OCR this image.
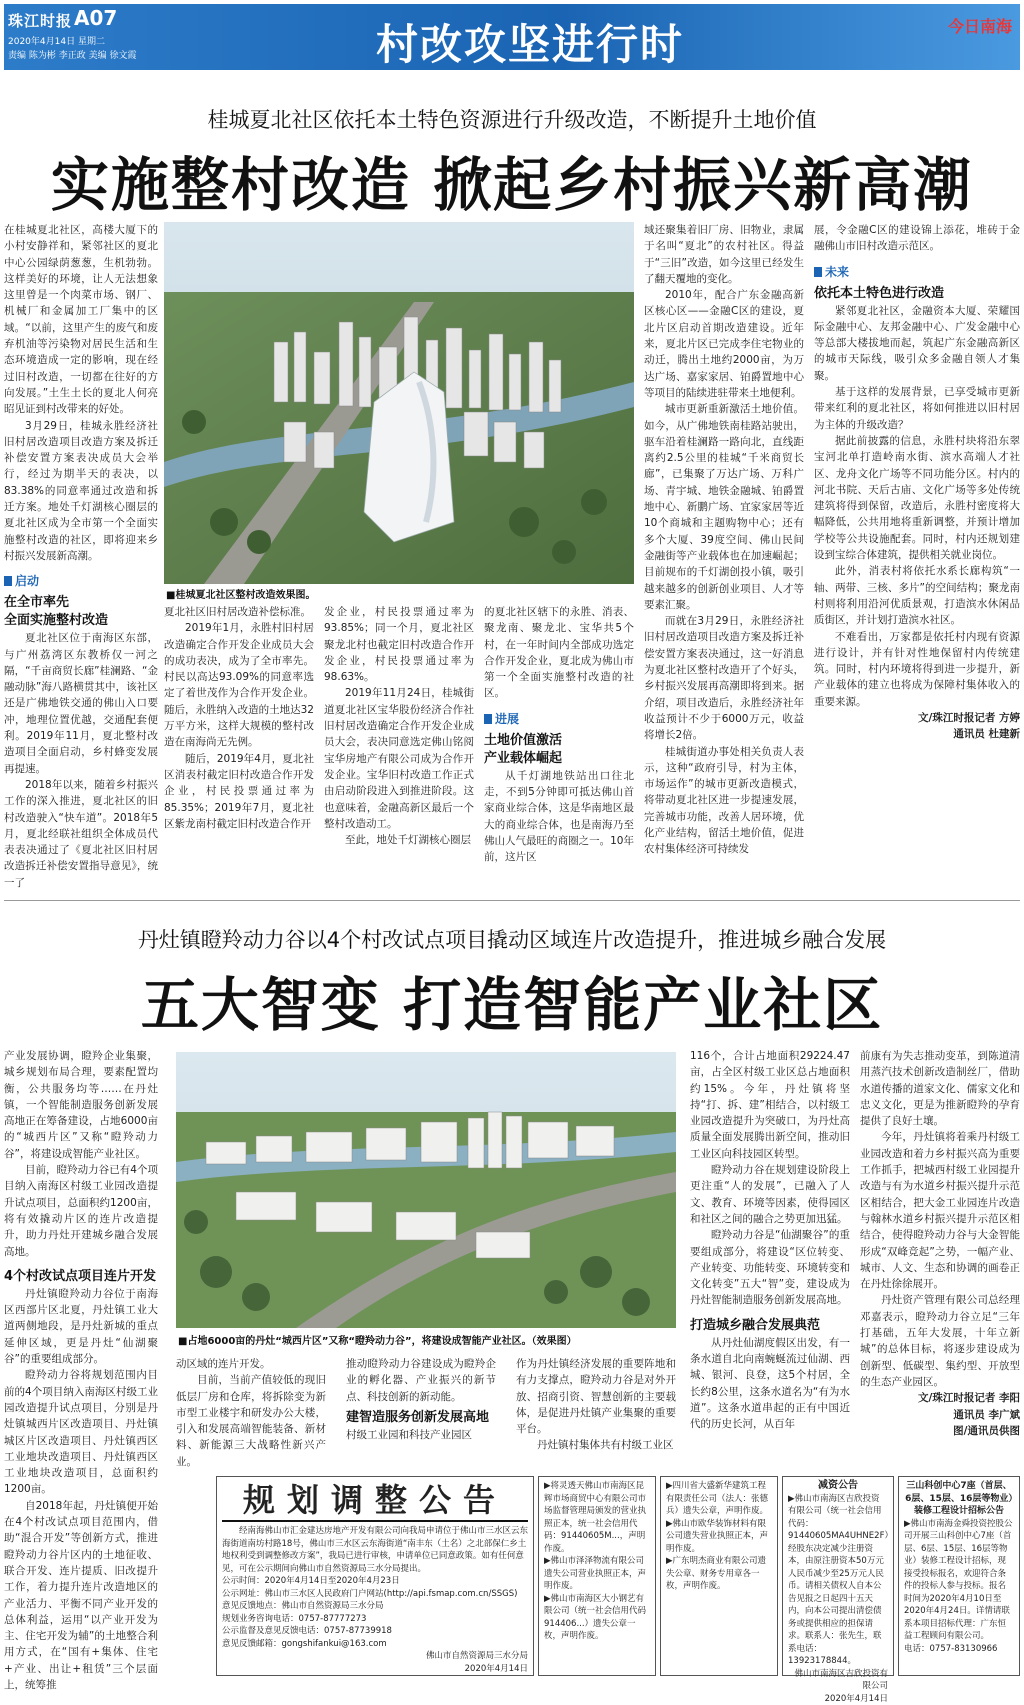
珠江时报 A07
2020年4月14日 星期二
责编 陈为彬 李正政 美编 徐文霞	村改攻坚进行时	今日南海
桂城夏北社区依托本土特色资源进行升级改造，不断提升土地价值
实施整村改造 掀起乡村振兴新高潮

在桂城夏北社区，高楼大厦下的小村安静祥和，紧邻社区的夏北中心公园绿荫葱葱，生机勃勃。这样美好的环境，让人无法想象这里曾是一个肉菜市场、钢厂、机械厂和金属加工厂集中的区域。“以前，这里产生的废气和废弃机油等污染物对居民生活和生态环境造成一定的影响，现在经过旧村改造，一切都在往好的方向发展。”土生土长的夏北人何亮昭见证到村改带来的好处。

3月29日，桂城永胜经济社旧村居改造项目改造方案及拆迁补偿安置方案表决成员大会举行，经过为期半天的表决，以83.38%的同意率通过改造和拆迁方案。地处千灯湖核心圈层的夏北社区成为全市第一个全面实施整村改造的社区，即将迎来乡村振兴发展新高潮。

启动
在全市率先
全面实施整村改造

夏北社区位于南海区东部，与广州荔湾区东教桥仅一河之隔，“千亩商贸长廊”桂澜路、“金融动脉”海八路横贯其中，该社区还是广佛地铁交通的佛山入口要冲，地理位置优越，交通配套便利。2019年11月，夏北整村改造项目全面启动，乡村蜂变发展再提速。

2018年以来，随着乡村振兴工作的深入推进，夏北社区的旧村改造驶入“快车道”。2018年5月，夏北经联社组织全体成员代表表决通过了《夏北社区旧村居改造拆迁补偿安置指导意见》，统一了

■桂城夏北社区整村改造效果图。

夏北社区旧村居改造补偿标准。

2019年1月，永胜村旧村居改造确定合作开发企业成员大会的成功表决，成为了全市率先。村民以高达93.09%的同意率选定了着世茂作为合作开发企业。随后，永胜纳入改造的土地达32万平方米，这样大规模的整村改造在南海尚无先例。

随后，2019年4月，夏北社区消表村截定旧村改造合作开发企业，村民投票通过率为85.35%；2019年7月，夏北社区紫龙南村截定旧村改造合作开

发企业，村民投票通过率为93.85%；同一个月，夏北社区聚龙北村也截定旧村改造合作开发企业，村民投票通过率为98.63%。

2019年11月24日，桂城街道夏北社区宝华股份经济合作社旧村居改造确定合作开发企业成员大会，表决同意选定佛山铭阅宝华房地产有限公司成为合作开发企业。宝华旧村改造工作正式由启动阶段进入到推进阶段。这也意味着，金融高新区最后一个整村改造动工。

至此，地处千灯湖核心圈层

的夏北社区辖下的永胜、消表、聚龙南、聚龙北、宝华共5个村，在一年时间内全部成功选定合作开发企业，夏北成为佛山市第一个全面实施整村改造的社区。

进展
土地价值激活
产业载体崛起

从千灯湖地铁站出口往北走，不到5分钟即可抵达佛山首家商业综合体，这是华南地区最大的商业综合体，也是南海乃至佛山人气最旺的商圈之一。10年前，这片区

域还聚集着旧厂房、旧物业，隶属于名叫“夏北”的农村社区。得益于“三旧”改造，如今这里已经发生了翻天覆地的变化。

2010年，配合广东金融高新区核心区——金融C区的建设，夏北片区启动首期改造建设。近年来，夏北片区已完成李住宅物业的动迁，腾出土地约2000亩，为万达广场、嘉家家居、铂爵置地中心等项目的陆续进驻带来土地便利。

城市更新重新激活土地价值。如今，从广佛地铁南桂路站驶出，驱车沿着桂澜路一路向北，直线距离约2.5公里的桂城“千米商贸长廊”，已集聚了万达广场、万科广场、青宇城、地铁金融城、铂爵置地中心、新鹏广场、宜家家居等近10个商城和主题购物中心；还有多个大厦、39度空间、佛山民间金融街等产业载体也在加速崛起；目前规布的千灯湖创投小镇，吸引越来越多的创新创业项目、人才等要素汇聚。

而就在3月29日，永胜经济社旧村居改造项目改造方案及拆迁补偿安置方案表决通过，这一好消息为夏北社区整村改造开了个好头，乡村振兴发展再高潮即将到来。据介绍，项目改造后，永胜经济社年收益预计不少于6000万元，收益将增长2倍。

桂城街道办事处相关负责人表示，这种“政府引导，村为主体，市场运作”的城市更新改造模式，将带动夏北社区进一步提速发展，完善城市功能，改善人居环境，优化产业结构，留活土地价值，促进农村集体经济可持续发

展，令金融C区的建设锦上添花，堆砖于金融佛山市旧村改造示范区。

未来
依托本土特色进行改造

紧邻夏北社区，金融资本大厦、荣耀国际金融中心、友邦金融中心、广发金融中心等总部大楼拔地而起，筑起广东金融高新区的城市天际线，吸引众多金融自领人才集聚。

基于这样的发展背景，已享受城市更新带来红利的夏北社区，将如何推进以旧村居为主体的升级改造？

据此前披露的信息，永胜村块将沿东翠宝河北单打造岭南水街、滨水高端人才社区、龙舟文化广场等不同功能分区。村内的河北书院、天后古庙、文化广场等多处传统建筑将得到保留，改造后，永胜村密度将大幅降低，公共用地将重新调整，并预计增加学校等公共设施配套。同时，村内还规划建设到宝综合体建筑，提供相关就业岗位。

此外，消表村将依托水系长廊构筑“一轴、两带、三核、多片”的空间结构；聚龙南村则将利用沿河优质景观，打造滨水休闲品质街区，并计划打造滨水社区。

不难看出，万家都是依托村内现有资源进行设计，并有针对性地保留村内传统建筑。同时，村内环境将得到进一步提升，新产业载体的建立也将成为保障村集体收入的重要来源。

文/珠江时报记者 方婷
通讯员 杜建新
丹灶镇瞪羚动力谷以4个村改试点项目撬动区域连片改造提升，推进城乡融合发展
五大智变 打造智能产业社区

产业发展协调，瞪羚企业集聚，城乡规划布局合理，要素配置均衡，公共服务均等……在丹灶镇，一个智能制造服务创新发展高地正在筹备建设，占地6000亩的“城西片区”又称“瞪羚动力谷”，将建设成智能产业社区。

目前，瞪羚动力谷已有4个项目纳入南海区村级工业园改造提升试点项目，总面积约1200亩，将有效撬动片区的连片改造提升，助力丹灶开建城乡融合发展高地。

4个村改试点项目连片开发

丹灶镇瞪羚动力谷位于南海区西部片区北夏，丹灶镇工业大道两侧地段，是丹灶新城的重点延伸区域，更是丹灶“仙湖聚谷”的重要组成部分。

瞪羚动力谷将规划范围内目前的4个项目纳入南海区村级工业园改造提升试点项目，分别是丹灶镇城西片区改造项目、丹灶镇城区片区改造项目、丹灶镇西区工业地块改造项目、丹灶镇西区工业地块改造项目，总面积约1200亩。

自2018年起，丹灶镇便开始在4个村改试点项目范围内，借助“混合开发”等创新方式，推进瞪羚动力谷片区内的土地征收、联合开发、连片提质、旧改提升工作，着力提升连片改造地区的产业活力、平衡不同产业开发的总体利益，运用“以产业开发为主、住宅开发为辅”的土地整合利用方式，在“国有+集体、住宅+产业、出让+租赁”三个层面上，统筹推

■占地6000亩的丹灶“城西片区”又称“瞪羚动力谷”，将建设成智能产业社区。（效果图）

动区域的连片开发。

目前，当前产值较低的现旧低层厂房和仓库，将拆除变为新市型工业楼宇和研发办公大楼，引入和发展高端智能装备、新材料、新能源三大战略性新兴产业。

推动瞪羚动力谷建设成为瞪羚企业的孵化器、产业振兴的新节点、科技创新的新动能。

建智造服务创新发展高地

村级工业园和科技产业园区

作为丹灶镇经济发展的重要阵地和有力支撑点，瞪羚动力谷是对外开放、招商引资、智慧创新的主要载体，是促进丹灶镇产业集聚的重要平台。

丹灶镇村集体共有村级工业区

116个，合计占地面积29224.47亩，占全区村级工业区总占地面积约15%。今年，丹灶镇将坚持“打、拆、建”相结合，以村级工业园改造提升为突破口，为丹灶高质量全面发展腾出新空间，推动旧工业区向科技园区转型。

瞪羚动力谷在规划建设阶段上更注重“人的发展”，已融入了人文、教育、环境等因素，使得园区和社区之间的融合之势更加迅猛。

瞪羚动力谷是“仙湖聚谷”的重要组成部分，将建设“区位转变、产业转变、功能转变、环境转变和文化转变”五大“智”变，建设成为丹灶智能制造服务创新发展高地。

打造城乡融合发展典范

从丹灶仙湖度假区出发，有一条水道自北向南蜿蜒流过仙湖、西城、银河、良登，这5个村居，全长约8公里，这条水道名为“有为水道”。这条水道串起的正有中国近代的历史长河，从百年

前康有为失志推动变革，到陈道清用蒸汽技术创新改造制丝厂，借助水道传播的道家文化、儒家文化和忠义文化，更是为推新瞪羚的孕育提供了良好土壤。

今年，丹灶镇将着乘丹村级工业园改造和着力乡村振兴高为重要工作抓手，把城西村级工业园提升改造与有为水道乡村振兴提升示范区相结合，把大金工业园连片改造与翰林水道乡村振兴提升示范区相结合，使得瞪羚动力谷与大金智能形成“双峰竞起”之势，一幅产业、城市、人文、生态和协调的画卷正在丹灶徐徐展开。

丹灶资产管理有限公司总经理邓嘉表示，瞪羚动力谷立足“三年打基础，五年大发展，十年立新城”的总体目标，将逐步建设成为创新型、低碳型、集约型、开放型的生态产业园区。

文/珠江时报记者 李阳
通讯员 李广斌
图/通讯员供图
规划调整公告

经南海佛山市汇金建达房地产开发有限公司向我局申请位于佛山市三水区云东海街道南坊村路18号，佛山市三水区云东海街道“南丰东（土名）之北部保仁乡土地权利受到调整修改方案”，我局已进行审核，申请单位已同意政策。如有任何意见，可在公示期间向佛山市自然资源局三水分局提出。

公示时间：2020年4月14日至2020年4月23日

公示网址：佛山市三水区人民政府门户网站(http://api.fsmap.com.cn/SSGS)

意见反馈地点：佛山市自然资源局三水分局

规划业务咨询电话：0757-87777273

公示监督及意见反馈电话：0757-87739918

意见反馈邮箱：gongshifankui@163.com

佛山市自然资源局三水分局

2020年4月14日

▶将灵透天佛山市南海区昆辉市场商贸中心有限公司市场监督管理局颁发的营业执照正本，统一社会信用代码：91440605M...，声明作废。

▶佛山市泽泽物流有限公司遗失公司营业执照正本，声明作废。

▶佛山市南海区大小钢艺有限公司（统一社会信用代码914406...）遗失公章一枚，声明作废。

▶四川省大盛新华建筑工程有限责任公司（法人：张德兵）遗失公章，声明作废。

▶佛山市欧华装饰材料有限公司遗失营业执照正本，声明作废。

▶广东明杰商业有限公司遗失公章、财务专用章各一枚，声明作废。

减资公告

▶佛山市南海区吉欣投资有限公司（统一社会信用代码：91440605MA4UHNE2F）经股东决定减少注册资本，由原注册资本50万元人民币减少至25万元人民币。请相关债权人自本公告见报之日起四十五天内，向本公司提出清偿债务或提供相应的担保请求。联系人：张先生，联系电话：13923178844。

佛山市南海区吉欣投资有限公司

2020年4月14日

三山科创中心7座（首层、6层、15层、16层等物业）装修工程设计招标公告

▶佛山市南海金舜投资控股公司开展三山科创中心7座（首层、6层、15层、16层等物业）装修工程设计招标，现接受投标报名，欢迎符合条件的投标人参与投标。报名时间为2020年4月10日至2020年4月24日。详情请联系本项目招标代理：广东恒益工程顾问有限公司。

电话：0757-83130966
